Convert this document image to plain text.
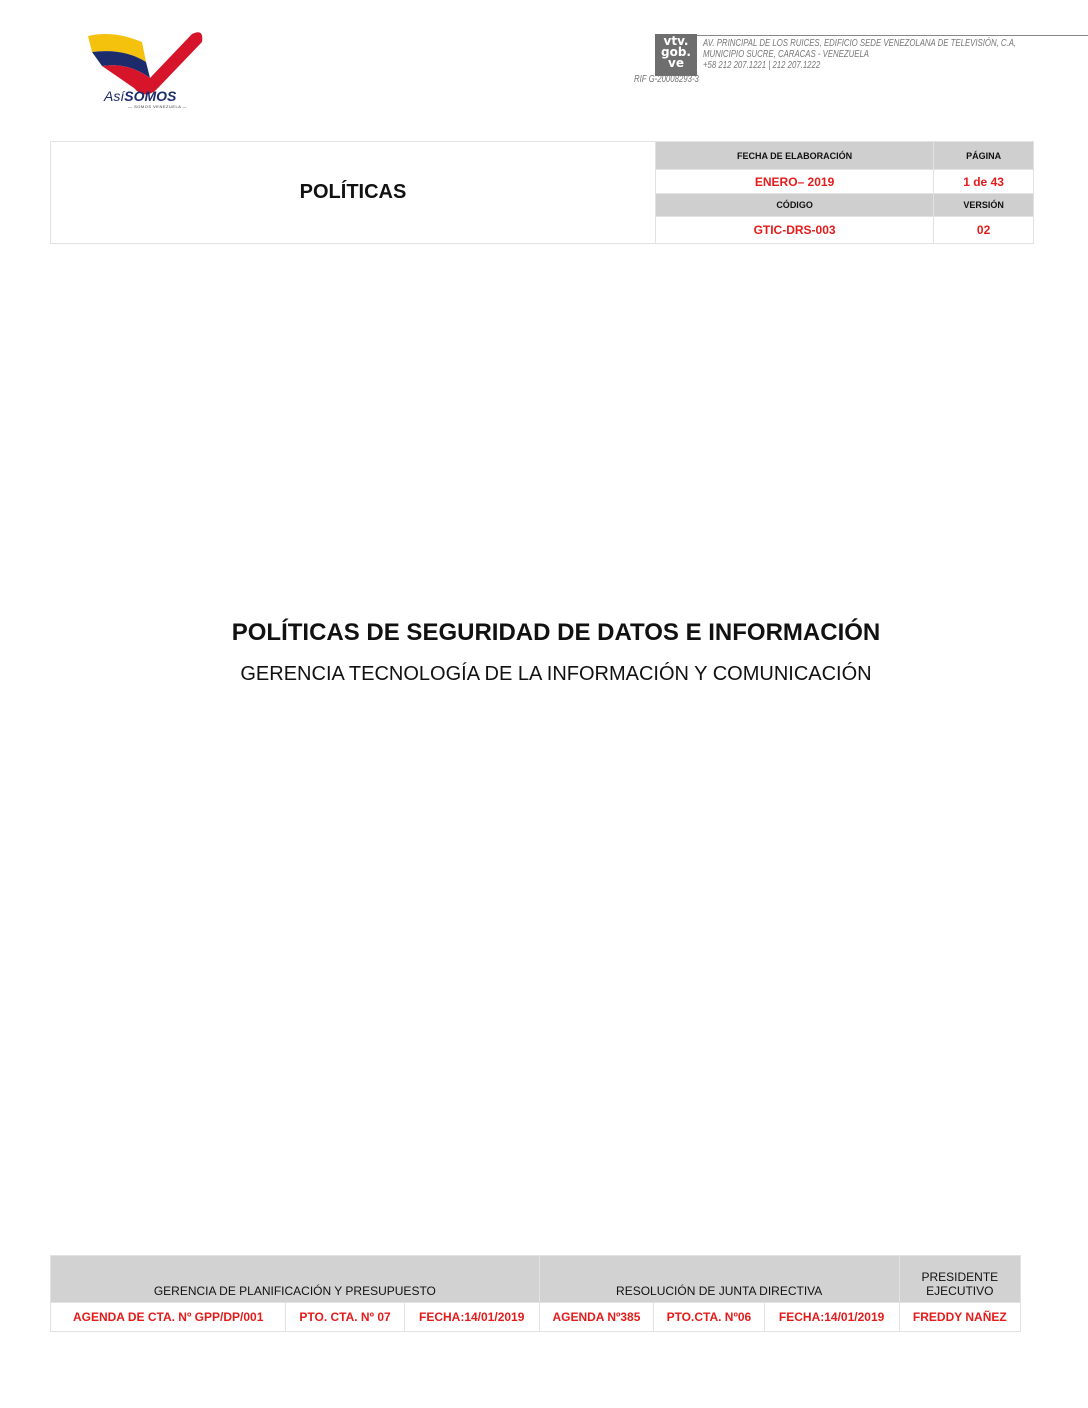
AsíSOMOS
— SOMOS VENEZUELA —
vtv.
gob.
ve
AV. PRINCIPAL DE LOS RUICES, EDIFICIO SEDE VENEZOLANA DE TELEVISIÓN, C.A,
MUNICIPIO SUCRE, CARACAS - VENEZUELA
+58 212 207.1221 | 212 207.1222
RIF G-20008293-3
POLÍTICAS	FECHA DE ELABORACIÓN	PÁGINA
	ENERO– 2019	1 de 43
	CÓDIGO	VERSIÓN
	GTIC-DRS-003	02
POLÍTICAS DE SEGURIDAD DE DATOS E INFORMACIÓN
GERENCIA TECNOLOGÍA DE LA INFORMACIÓN Y COMUNICACIÓN
GERENCIA DE PLANIFICACIÓN Y PRESUPUESTO			RESOLUCIÓN DE JUNTA DIRECTIVA			PRESIDENTE
EJECUTIVO

AGENDA DE CTA. Nº GPP/DP/001	PTO. CTA. Nº 07	FECHA:14/01/2019	AGENDA Nº385	PTO.CTA. Nº06	FECHA:14/01/2019	FREDDY NAÑEZ
